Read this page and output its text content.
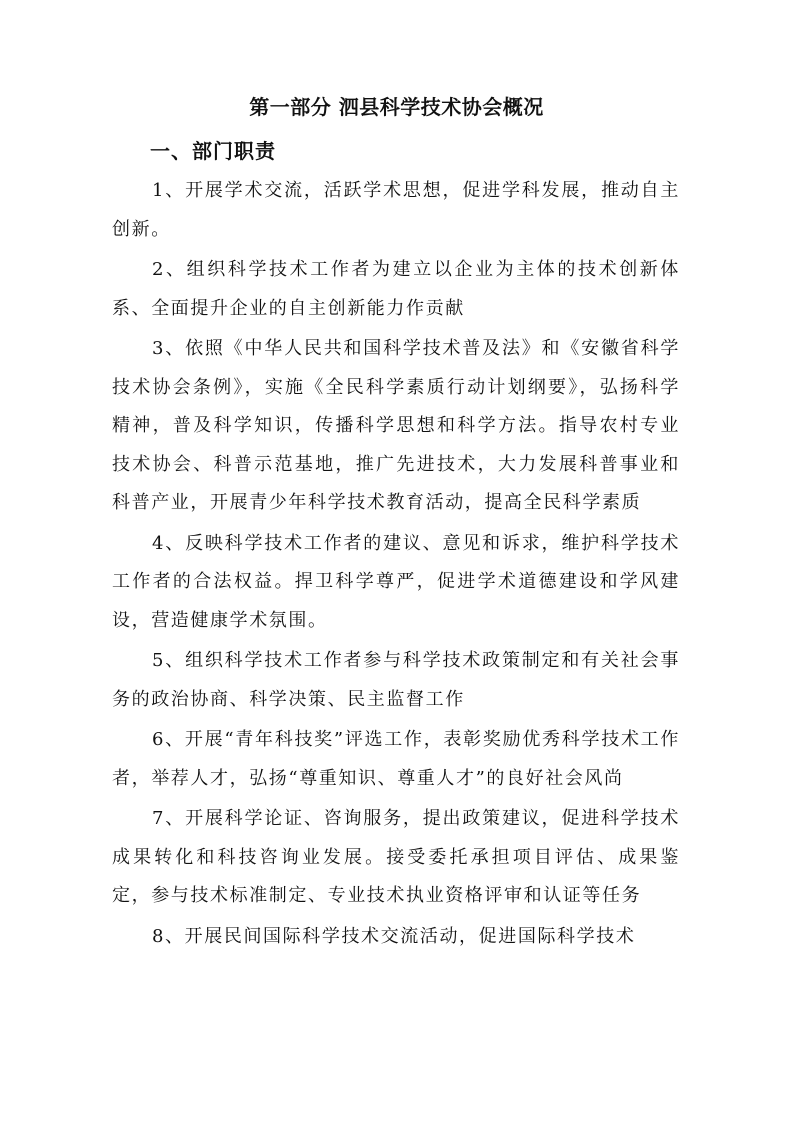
第一部分 泗县科学技术协会概况
一、部门职责

1、开展学术交流，活跃学术思想，促进学科发展，推动自主创新。

2、组织科学技术工作者为建立以企业为主体的技术创新体系、全面提升企业的自主创新能力作贡献

3、依照《中华人民共和国科学技术普及法》和《安徽省科学技术协会条例》，实施《全民科学素质行动计划纲要》，弘扬科学精神，普及科学知识，传播科学思想和科学方法。指导农村专业技术协会、科普示范基地，推广先进技术，大力发展科普事业和科普产业，开展青少年科学技术教育活动，提高全民科学素质

4、反映科学技术工作者的建议、意见和诉求，维护科学技术工作者的合法权益。捍卫科学尊严，促进学术道德建设和学风建设，营造健康学术氛围。

5、组织科学技术工作者参与科学技术政策制定和有关社会事务的政治协商、科学决策、民主监督工作

6、开展“青年科技奖”评选工作，表彰奖励优秀科学技术工作者，举荐人才，弘扬“尊重知识、尊重人才”的良好社会风尚

7、开展科学论证、咨询服务，提出政策建议，促进科学技术成果转化和科技咨询业发展。接受委托承担项目评估、成果鉴定，参与技术标准制定、专业技术执业资格评审和认证等任务

8、开展民间国际科学技术交流活动，促进国际科学技术
